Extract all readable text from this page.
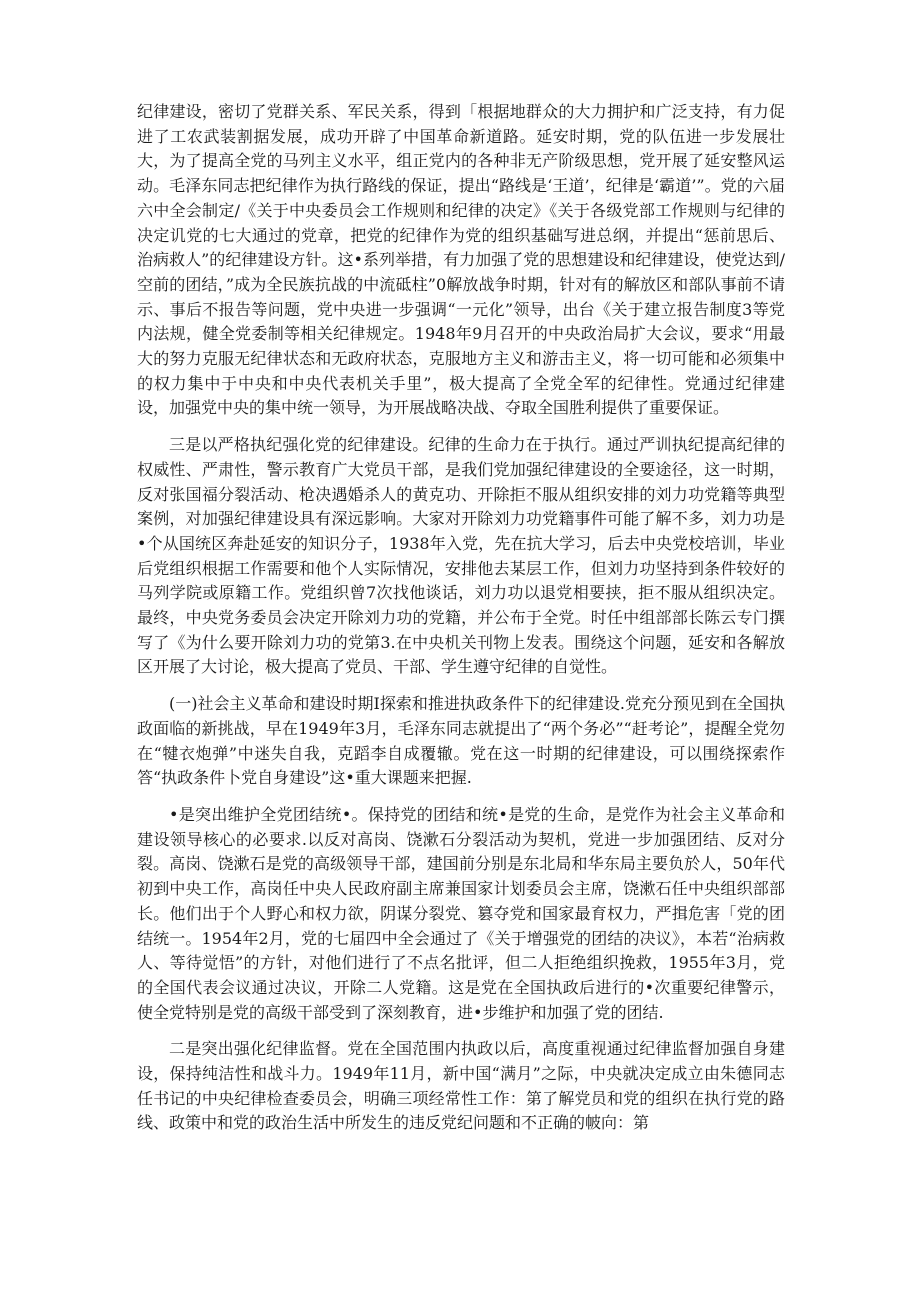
纪律建设，密切了党群关系、军民关系，得到「根据地群众的大力拥护和广泛支持，有力促进了工农武装割据发展，成功开辟了中国革命新道路。延安时期，党的队伍进一步发展壮大，为了提高全党的马列主义水平，组正党内的各种非无产阶级思想，党开展了延安整风运动。毛泽东同志把纪律作为执行路线的保证，提出“路线是‘王道’，纪律是‘霸道’”。党的六届六中全会制定/《关于中央委员会工作规则和纪律的决定》《关于各级党部工作规则与纪律的决定讥党的七大通过的党章，把党的纪律作为党的组织基础写进总纲，并提出“惩前思后、治病救人”的纪律建设方针。这•系列举措，有力加强了党的思想建设和纪律建设，使党达到/空前的团结，”成为全民族抗战的中流砥柱”0解放战争时期，针对有的解放区和部队事前不请示、事后不报告等问题，党中央进一步强调“一元化”领导，出台《关于建立报告制度3等党内法规，健全党委制等相关纪律规定。1948年9月召开的中央政治局扩大会议，要求“用最大的努力克服无纪律状态和无政府状态，克服地方主义和游击主义，将一切可能和必须集中的权力集中于中央和中央代表机关手里”，极大提高了全党全军的纪律性。党通过纪律建设，加强党中央的集中统一领导，为开展战略决战、夺取全国胜利提供了重要保证。

三是以严格执纪强化党的纪律建设。纪律的生命力在于执行。通过严训执纪提高纪律的权威性、严肃性，警示教育广大党员干部，是我们党加强纪律建设的全要途径，这一时期，反对张国福分裂活动、枪决遇婚杀人的黄克功、开除拒不服从组织安排的刘力功党籍等典型案例，对加强纪律建设具有深远影响。大家对开除刘力功党籍事件可能了解不多，刘力功是•个从国统区奔赴延安的知识分子，1938年入党，先在抗大学习，后去中央党校培训，毕业后党组织根据工作需要和他个人实际情况，安排他去某层工作，但刘力功坚持到条件较好的马列学院或原籍工作。党组织曾7次找他谈话，刘力功以退党相要挟，拒不服从组织决定。最终，中央党务委员会决定开除刘力功的党籍，并公布于全党。时任中组部部长陈云专门撰写了《为什么要开除刘力功的党第3.在中央机关刊物上发表。围绕这个问题，延安和各解放区开展了大讨论，极大提高了党员、干部、学生遵守纪律的自觉性。

(一)社会主义革命和建设时期I探索和推进执政条件下的纪律建设.党充分预见到在全国执政面临的新挑战，早在1949年3月，毛泽东同志就提出了“两个务必”“赶考论”，提醒全党勿在“犍衣炮弹”中迷失自我，克蹈李自成覆辙。党在这一时期的纪律建设，可以围绕探索作答“执政条件卜党自身建设”这•重大课题来把握.

•是突出维护全党团结统•。保持党的团结和统•是党的生命，是党作为社会主义革命和建设领导核心的必要求.以反对高岗、饶漱石分裂活动为契机，党进一步加强团结、反对分裂。高岗、饶漱石是党的高级领导干部，建国前分别是东北局和华东局主要负於人，50年代初到中央工作，高岗任中央人民政府副主席兼国家计划委员会主席，饶漱石任中央组织部部长。他们出于个人野心和权力欲，阴谋分裂党、篡夺党和国家最育权力，严揖危害「党的团结统一。1954年2月，党的七届四中全会通过了《关于增强党的团结的决议》，本若“治病救人、等待觉悟”的方针，对他们进行了不点名批评，但二人拒绝组织挽救，1955年3月，党的全国代表会议通过决议，开除二人党籍。这是党在全国执政后进行的•次重要纪律警示，使全党特别是党的高级干部受到了深刻教育，进•步维护和加强了党的团结.

二是突出强化纪律监督。党在全国范围内执政以后，高度重视通过纪律监督加强自身建设，保持纯洁性和战斗力。1949年11月，新中国“满月”之际，中央就决定成立由朱德同志任书记的中央纪律检查委员会，明确三项经常性工作：第了解党员和党的组织在执行党的路线、政策中和党的政治生活中所发生的违反党纪问题和不正确的帔向：第
